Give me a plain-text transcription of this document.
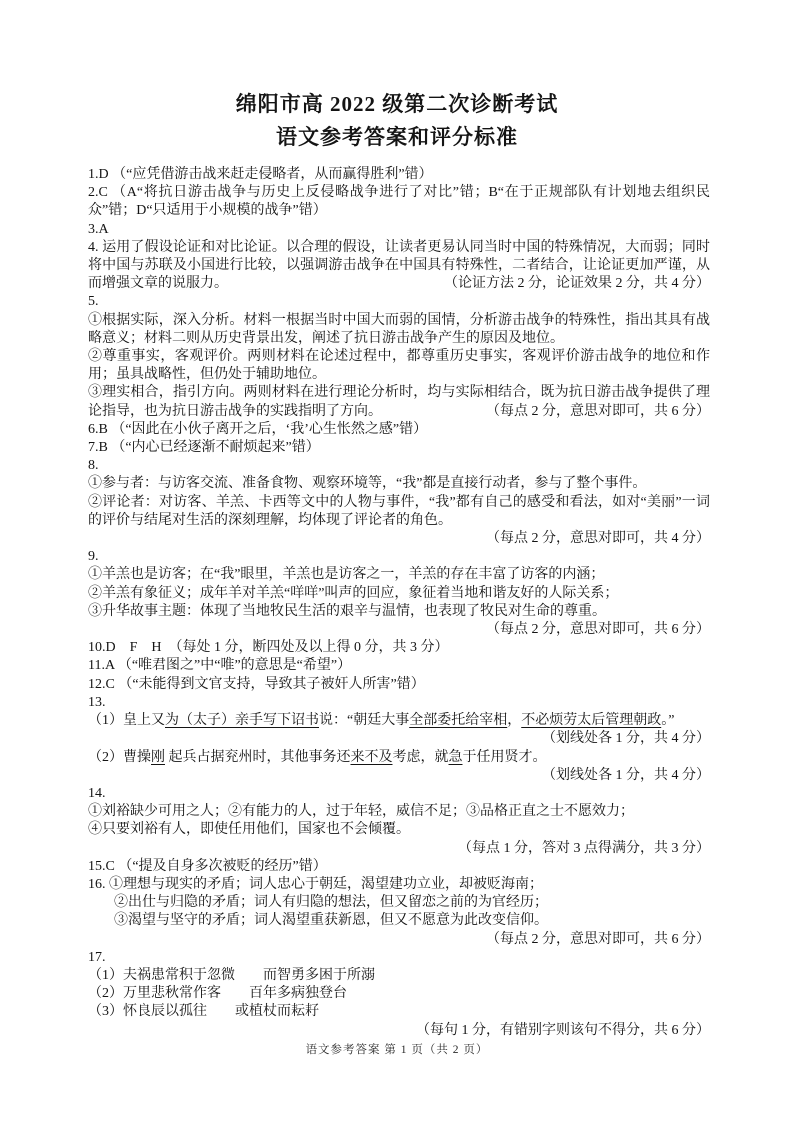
绵阳市高 2022 级第二次诊断考试
语文参考答案和评分标准
1.D （“应凭借游击战来赶走侵略者，从而赢得胜利”错）
2.C （A“将抗日游击战争与历史上反侵略战争进行了对比”错；B“在于正规部队有计划地去组织民众”错；D“只适用于小规模的战争”错）
3.A
4. 运用了假设论证和对比论证。以合理的假设，让读者更易认同当时中国的特殊情况，大而弱；同时将中国与苏联及小国进行比较，以强调游击战争在中国具有特殊性，二者结合，让论证更加严谨，从而增强文章的说服力。	（论证方法 2 分，论证效果 2 分，共 4 分）
5.
①根据实际，深入分析。材料一根据当时中国大而弱的国情，分析游击战争的特殊性，指出其具有战略意义；材料二则从历史背景出发，阐述了抗日游击战争产生的原因及地位。
②尊重事实，客观评价。两则材料在论述过程中，都尊重历史事实，客观评价游击战争的地位和作用；虽具战略性，但仍处于辅助地位。
③理实相合，指引方向。两则材料在进行理论分析时，均与实际相结合，既为抗日游击战争提供了理论指导，也为抗日游击战争的实践指明了方向。	（每点 2 分，意思对即可，共 6 分）
6.B （“因此在小伙子离开之后，‘我’心生怅然之感”错）
7.B （“内心已经逐渐不耐烦起来”错）
8.
①参与者：与访客交流、准备食物、观察环境等，“我”都是直接行动者，参与了整个事件。
②评论者：对访客、羊羔、卡西等文中的人物与事件，“我”都有自己的感受和看法，如对“美丽”一词的评价与结尾对生活的深刻理解，均体现了评论者的角色。
（每点 2 分，意思对即可，共 4 分）
9.
①羊羔也是访客；在“我”眼里，羊羔也是访客之一，羊羔的存在丰富了访客的内涵；
②羊羔有象征义；成年羊对羊羔“咩咩”叫声的回应，象征着当地和谐友好的人际关系；
③升华故事主题：体现了当地牧民生活的艰辛与温情，也表现了牧民对生命的尊重。
（每点 2 分，意思对即可，共 6 分）
10.D　F　H　（每处 1 分，断四处及以上得 0 分，共 3 分）
11.A （“唯君图之”中“唯”的意思是“希望”）
12.C （“未能得到文官支持，导致其子被奸人所害”错）
13.
（1）皇上又为（太子）亲手写下诏书说：“朝廷大事全部委托给宰相，不必烦劳太后管理朝政。”
（划线处各 1 分，共 4 分）
（2）曹操刚 起兵占据兖州时，其他事务还来不及考虑，就急于任用贤才。
（划线处各 1 分，共 4 分）
14.
①刘裕缺少可用之人；②有能力的人，过于年轻，威信不足；③品格正直之士不愿效力；
④只要刘裕有人，即使任用他们，国家也不会倾覆。
（每点 1 分，答对 3 点得满分，共 3 分）
15.C （“提及自身多次被贬的经历”错）
16. ①理想与现实的矛盾；词人忠心于朝廷，渴望建功立业，却被贬海南；
②出仕与归隐的矛盾；词人有归隐的想法，但又留恋之前的为官经历；
③渴望与坚守的矛盾；词人渴望重获新恩，但又不愿意为此改变信仰。
（每点 2 分，意思对即可，共 6 分）
17.
（1）夫祸患常积于忽微　　而智勇多困于所溺
（2）万里悲秋常作客　　百年多病独登台
（3）怀良辰以孤往　　或植杖而耘耔
（每句 1 分，有错别字则该句不得分，共 6 分）
语文参考答案 第 1 页（共 2 页）
